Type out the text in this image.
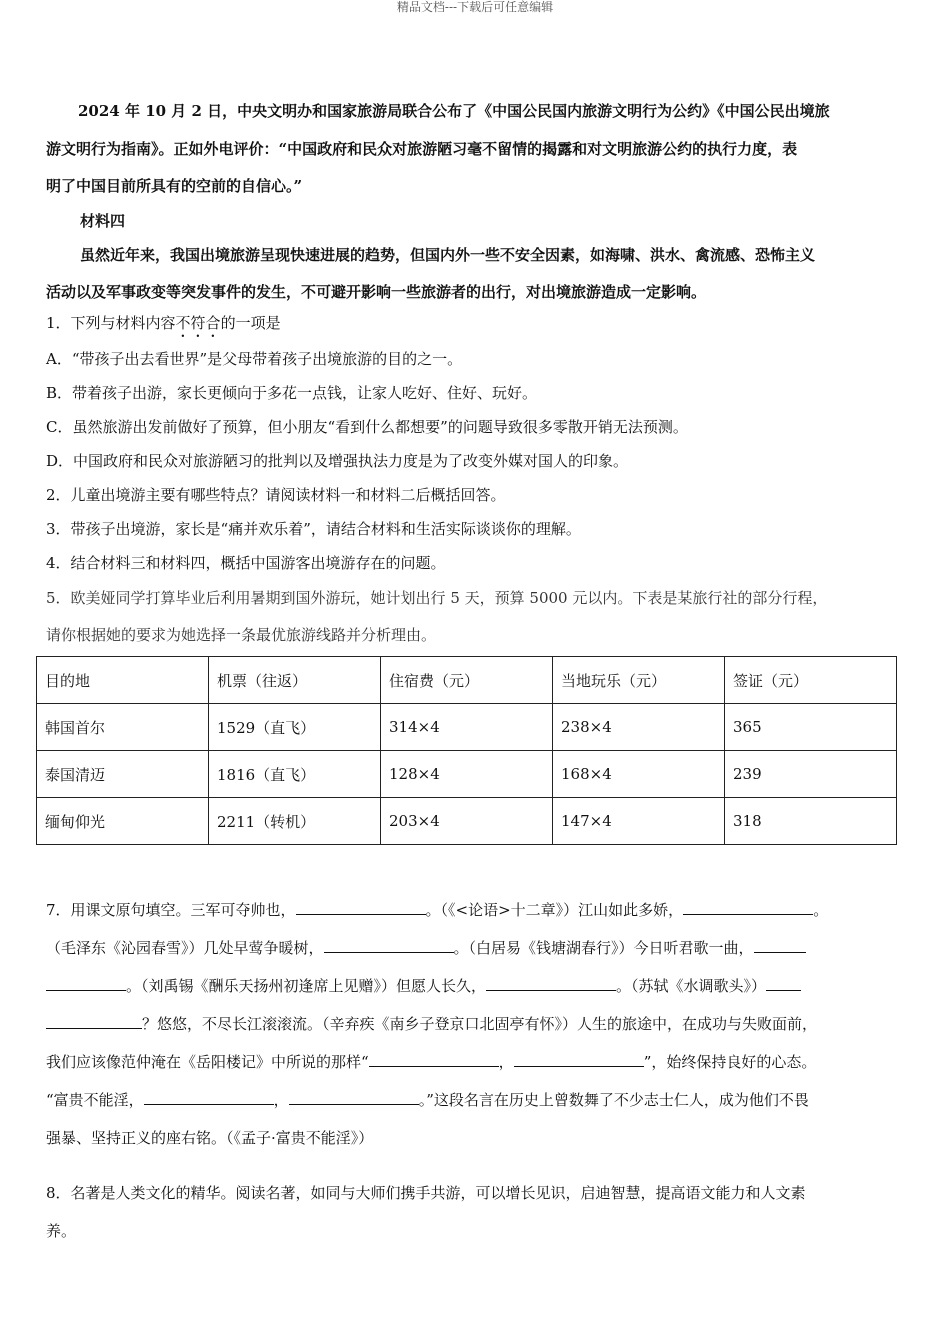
精品文档---下载后可任意编辑

2024 年 10 月 2 日，中央文明办和国家旅游局联合公布了《中国公民国内旅游文明行为公约》《中国公民出境旅

游文明行为指南》。正如外电评价：“中国政府和民众对旅游陋习毫不留情的揭露和对文明旅游公约的执行力度，表

明了中国目前所具有的空前的自信心。”

材料四

虽然近年来，我国出境旅游呈现快速进展的趋势，但国内外一些不安全因素，如海啸、洪水、禽流感、恐怖主义

活动以及军事政变等突发事件的发生，不可避开影响一些旅游者的出行，对出境旅游造成一定影响。

1．下列与材料内容不符合的一项是

A．“带孩子出去看世界”是父母带着孩子出境旅游的目的之一。

B．带着孩子出游，家长更倾向于多花一点钱，让家人吃好、住好、玩好。

C．虽然旅游出发前做好了预算，但小朋友“看到什么都想要”的问题导致很多零散开销无法预测。

D．中国政府和民众对旅游陋习的批判以及增强执法力度是为了改变外媒对国人的印象。

2．儿童出境游主要有哪些特点？请阅读材料一和材料二后概括回答。

3．带孩子出境游，家长是“痛并欢乐着”，请结合材料和生活实际谈谈你的理解。

4．结合材料三和材料四，概括中国游客出境游存在的问题。

5．欧美娅同学打算毕业后利用暑期到国外游玩，她计划出行 5 天，预算 5000 元以内。下表是某旅行社的部分行程，

请你根据她的要求为她选择一条最优旅游线路并分析理由。

目的地	机票（往返）	住宿费（元）	当地玩乐（元）	签证（元）
韩国首尔	1529（直飞）	314×4	238×4	365
泰国清迈	1816（直飞）	128×4	168×4	239
缅甸仰光	2211（转机）	203×4	147×4	318

7．用课文原句填空。三军可夺帅也，	。（《<论语>十二章》）江山如此多娇，	。

（毛泽东《沁园春雪》）几处早莺争暖树，	。（白居易《钱塘湖春行》）今日听君歌一曲，

。（刘禹锡《酬乐天扬州初逢席上见赠》）但愿人长久，	。（苏轼《水调歌头》）

？悠悠，不尽长江滚滚流。（辛弃疾《南乡子登京口北固亭有怀》）人生的旅途中，在成功与失败面前，

我们应该像范仲淹在《岳阳楼记》中所说的那样“	，	”，始终保持良好的心态。

“富贵不能淫，	，	。”这段名言在历史上曾数舞了不少志士仁人，成为他们不畏

强暴、坚持正义的座右铭。（《孟子·富贵不能淫》）

8．名著是人类文化的精华。阅读名著，如同与大师们携手共游，可以增长见识，启迪智慧，提高语文能力和人文素

养。
